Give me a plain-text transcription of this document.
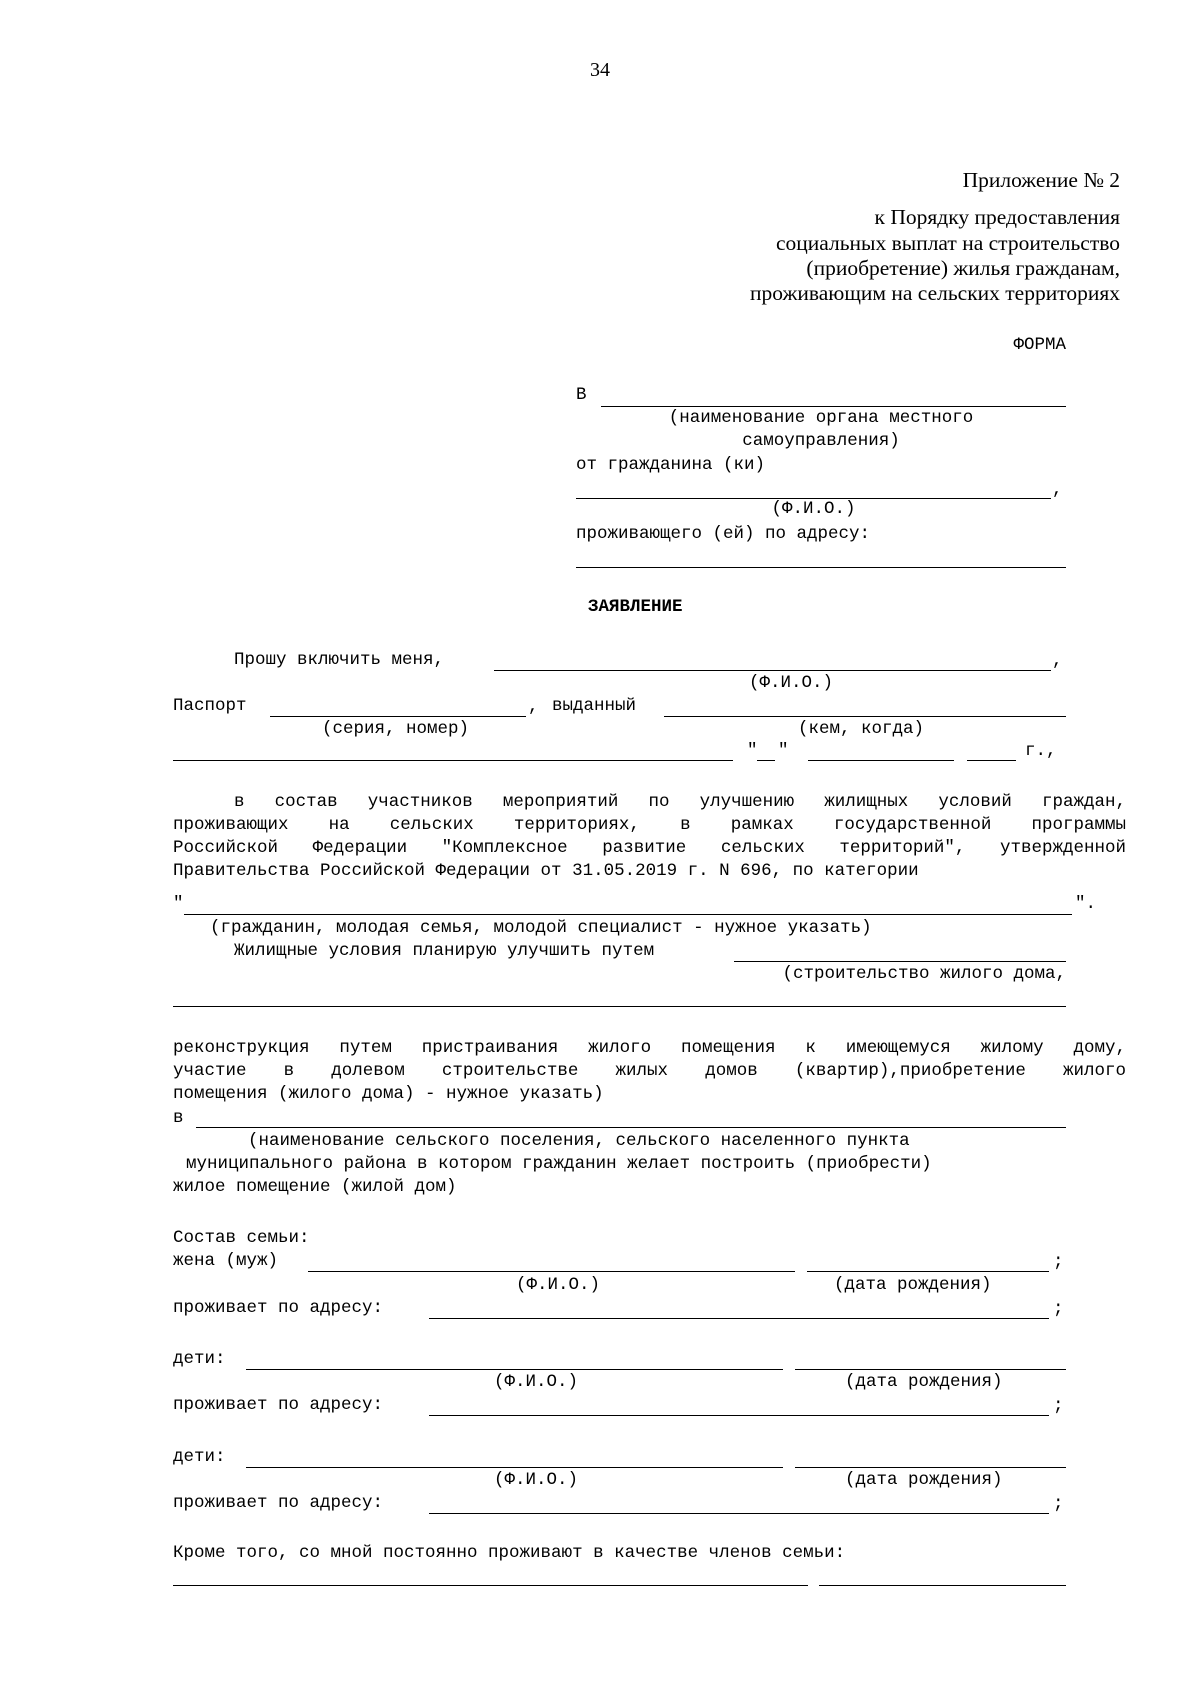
34
Приложение № 2
к Порядку предоставления
социальных выплат на строительство
(приобретение) жилья гражданам,
проживающим на сельских территориях
ФОРМА
В
(наименование органа местного
самоуправления)
от гражданина (ки)
,
(Ф.И.О.)
проживающего (ей) по адресу:
ЗАЯВЛЕНИЕ
Прошу включить меня,	,
(Ф.И.О.)
Паспорт	, выданный
(серия, номер)	(кем, когда)
" "	г.,
в состав участников мероприятий по улучшению жилищных условий граждан,
проживающих на сельских территориях, в рамках государственной программы
Российской Федерации "Комплексное развитие сельских территорий", утвержденной
Правительства Российской Федерации от 31.05.2019 г. N 696, по категории
"	".
(гражданин, молодая семья, молодой специалист - нужное указать)
Жилищные условия планирую улучшить путем
(строительство жилого дома,
реконструкция путем пристраивания жилого помещения к имеющемуся жилому дому,
участие в долевом строительстве жилых домов (квартир),приобретение жилого
помещения (жилого дома) - нужное указать)
в
(наименование сельского поселения, сельского населенного пункта
муниципального района в котором гражданин желает построить (приобрести)
жилое помещение (жилой дом)
Состав семьи:
жена (муж)	;
(Ф.И.О.)	(дата рождения)
проживает по адресу:	;
дети:
(Ф.И.О.)	(дата рождения)
проживает по адресу:	;
дети:
(Ф.И.О.)	(дата рождения)
проживает по адресу:	;
Кроме того, со мной постоянно проживают в качестве членов семьи:
